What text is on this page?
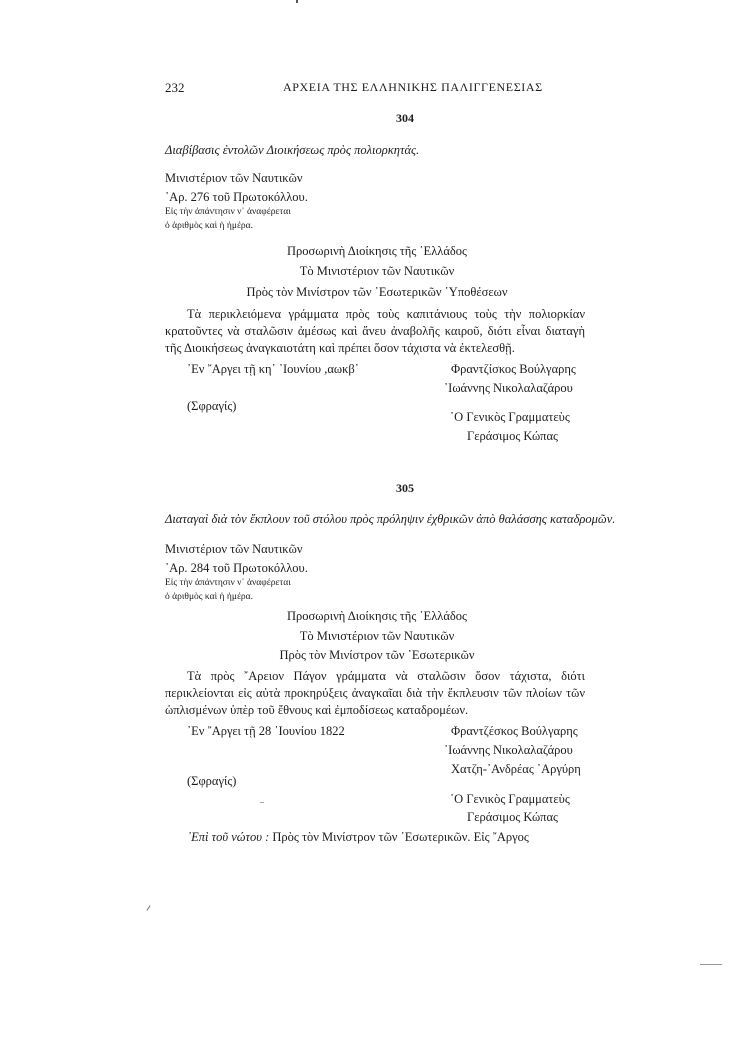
232	ΑΡΧΕΙΑ ΤΗΣ ΕΛΛΗΝΙΚΗΣ ΠΑΛΙΓΓΕΝΕΣΙΑΣ
304
Διαβίβασις ἐντολῶν Διοικήσεως πρὸς πολιορκητάς.
Μινιστέριον τῶν Ναυτικῶν
᾽Αρ. 276 τοῦ Πρωτοκόλλου.
Εἰς τὴν ἀπάντησιν ν᾽ ἀναφέρεται
ὁ ἀριθμὸς καὶ ἡ ἡμέρα.
Προσωρινὴ Διοίκησις τῆς ῾Ελλάδος
Τὸ Μινιστέριον τῶν Ναυτικῶν
Πρὸς τὸν Μινίστρον τῶν ᾽Εσωτερικῶν ῾Υποθέσεων
Τὰ περικλειόμενα γράμματα πρὸς τοὺς καπιτάνιους τοὺς τὴν πολιορκίαν κρατοῦντες νὰ σταλῶσιν ἀμέσως καὶ ἄνευ ἀναβολῆς καιροῦ, διότι εἶναι διαταγὴ τῆς Διοικήσεως ἀναγκαιοτάτη καὶ πρέπει ὅσον τάχιστα νὰ ἐκτελεσθῇ.
᾽Εν ῎Αργει τῇ κη᾽ ᾽Ιουνίου ,αωκβ᾽	Φραντζίσκος Βούλγαρης
᾽Ιωάννης Νικολαλαζάρου
(Σφραγίς)
῾Ο Γενικὸς Γραμματεὺς
Γεράσιμος Κώπας
305
Διαταγαὶ διὰ τὸν ἔκπλουν τοῦ στόλου πρὸς πρόληψιν ἐχθρικῶν ἀπὸ θαλάσσης καταδρομῶν.
Μινιστέριον τῶν Ναυτικῶν
᾽Αρ. 284 τοῦ Πρωτοκόλλου.
Εἰς τὴν ἀπάντησιν ν᾽ ἀναφέρεται
ὁ ἀριθμὸς καὶ ἡ ἡμέρα.
Προσωρινὴ Διοίκησις τῆς ῾Ελλάδος
Τὸ Μινιστέριον τῶν Ναυτικῶν
Πρὸς τὸν Μινίστρον τῶν ᾽Εσωτερικῶν
Τὰ πρὸς ῎Αρειον Πάγον γράμματα νὰ σταλῶσιν ὅσον τάχιστα, διότι περικλείονται εἰς αὐτὰ προκηρύξεις ἀναγκαῖαι διὰ τὴν ἔκπλευσιν τῶν πλοίων τῶν ὡπλισμένων ὑπὲρ τοῦ ἔθνους καὶ ἐμποδίσεως καταδρομέων.
᾽Εν ῎Αργει τῇ 28 ᾽Ιουνίου 1822	Φραντζέσκος Βούλγαρης
᾽Ιωάννης Νικολαλαζάρου
Χατζη-᾽Ανδρέας ᾽Αργύρη
(Σφραγίς)
῾Ο Γενικὸς Γραμματεὺς
Γεράσιμος Κώπας
᾽Επὶ τοῦ νώτου : Πρὸς τὸν Μινίστρον τῶν ᾽Εσωτερικῶν. Εἰς ῎Αργος
